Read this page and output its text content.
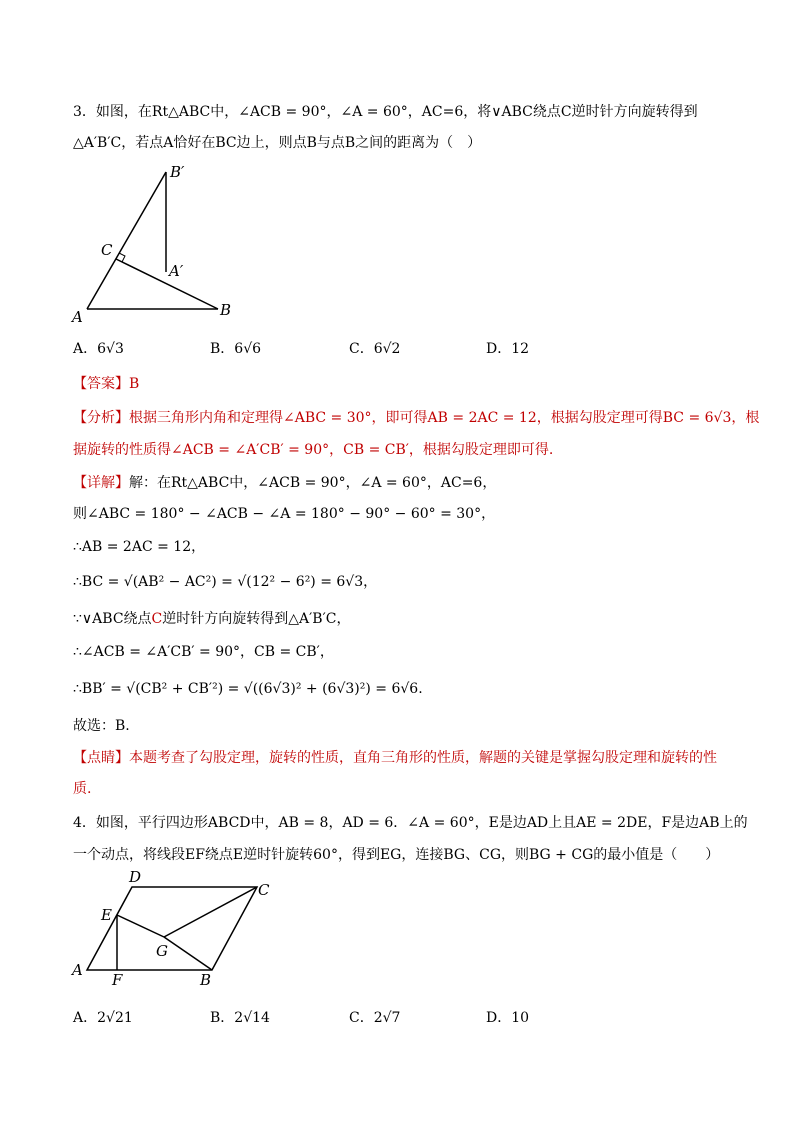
3．如图，在Rt△ABC中，∠ACB = 90°，∠A = 60°，AC=6，将∨ABC绕点C逆时针方向旋转得到
△A′B′C，若点A恰好在BC边上，则点B与点B之间的距离为（　）
B′
C
A′
A	B
A．6√3	B．6√6	C．6√2	D．12
【答案】B
【分析】根据三角形内角和定理得∠ABC = 30°，即可得AB = 2AC = 12，根据勾股定理可得BC = 6√3，根
据旋转的性质得∠ACB = ∠A′CB′ = 90°，CB = CB′，根据勾股定理即可得.
【详解】解：在Rt△ABC中，∠ACB = 90°，∠A = 60°，AC=6，
则∠ABC = 180° − ∠ACB − ∠A = 180° − 90° − 60° = 30°，
∴AB = 2AC = 12，
∴BC = √(AB² − AC²) = √(12² − 6²) = 6√3，
∵∨ABC绕点C逆时针方向旋转得到△A′B′C，
∴∠ACB = ∠A′CB′ = 90°，CB = CB′，
∴BB′ = √(CB² + CB′²) = √((6√3)² + (6√3)²) = 6√6.
故选：B.
【点睛】本题考查了勾股定理，旋转的性质，直角三角形的性质，解题的关键是掌握勾股定理和旋转的性
质.
4．如图，平行四边形ABCD中，AB = 8，AD = 6．∠A = 60°，E是边AD上且AE = 2DE，F是边AB上的
一个动点，将线段EF绕点E逆时针旋转60°，得到EG，连接BG、CG，则BG + CG的最小值是（　　）
D
C
E
G
A
F	B
A．2√21	B．2√14	C．2√7	D．10
